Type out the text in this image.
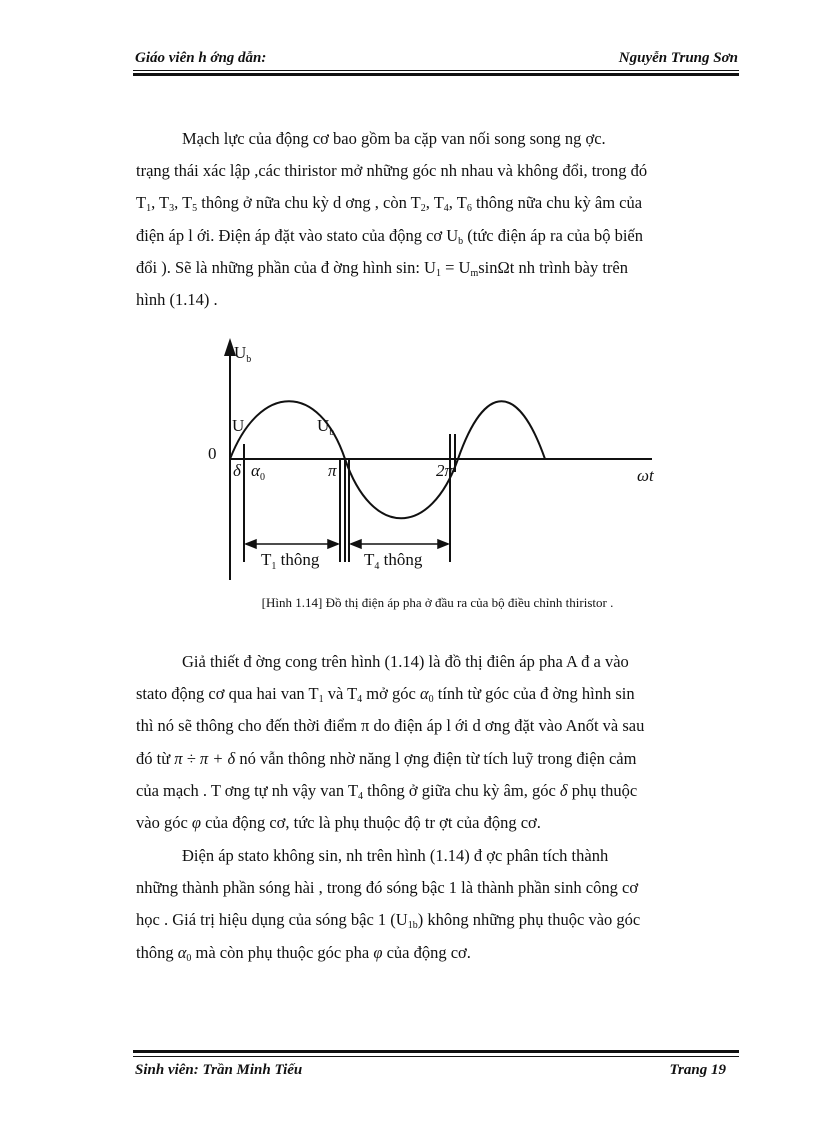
Giáo viên h ớng dẫn:	Nguyễn Trung Sơn

Mạch lực của động cơ bao gồm ba cặp van nối song song ng ợc.

trạng thái xác lập ,các thiristor mở những góc nh nhau và không đổi, trong đó

$T_1$, $T_3$, $T_5$ thông ở nữa chu kỳ d ơng , còn $T_2$, $T_4$, $T_6$ thông nữa chu kỳ âm của

điện áp l ới. Điện áp đặt vào stato của động cơ $U_b$ (tức điện áp ra của bộ biến

đổi ). Sẽ là những phần của đ ờng hình sin: $U_1 = U_m\sin\Omega t$ nh trình bày trên

hình (1.14) .

$U_b$
U	$U_b$
0
δ $\alpha_0$	π	2π	ωt
$T_1$ thông	$T_4$ thông
[Hình 1.14] Đồ thị điện áp pha ở đầu ra của bộ điều chỉnh thiristor .

Giả thiết đ ờng cong trên hình (1.14) là đồ thị điên áp pha A đ a vào

stato động cơ qua hai van $T_1$ và $T_4$ mở góc $\alpha_0$ tính từ góc của đ ờng hình sin

thì nó sẽ thông cho đến thời điểm π do điện áp l ới d ơng đặt vào Anốt và sau

đó từ π ÷ π + δ nó vẫn thông nhờ năng l ợng điện từ tích luỹ trong điện cảm

của mạch . T ơng tự nh vậy van $T_4$ thông ở giữa chu kỳ âm, góc δ phụ thuộc

vào góc φ của động cơ, tức là phụ thuộc độ tr ợt của động cơ.

Điện áp stato không sin, nh trên hình (1.14) đ ợc phân tích thành

những thành phần sóng hài , trong đó sóng bậc 1 là thành phần sinh công cơ

học . Giá trị hiệu dụng của sóng bậc 1 $(U_{1b})$ không những phụ thuộc vào góc

thông $\alpha_0$ mà còn phụ thuộc góc pha φ của động cơ.

Sinh viên: Trần Minh Tiếu	Trang 19
